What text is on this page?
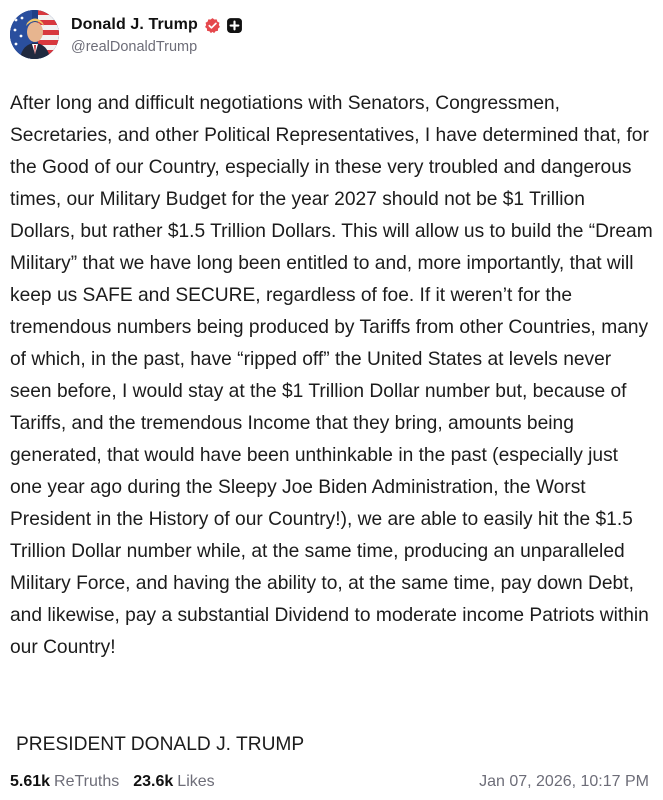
Donald J. Trump
@realDonaldTrump
After long and difficult negotiations with Senators, Congressmen, Secretaries, and other Political Representatives, I have determined that, for the Good of our Country, especially in these very troubled and dangerous times, our Military Budget for the year 2027 should not be $1 Trillion Dollars, but rather $1.5 Trillion Dollars. This will allow us to build the “Dream Military” that we have long been entitled to and, more importantly, that will keep us SAFE and SECURE, regardless of foe. If it weren’t for the tremendous numbers being produced by Tariffs from other Countries, many of which, in the past, have “ripped off” the United States at levels never seen before, I would stay at the $1 Trillion Dollar number but, because of Tariffs, and the tremendous Income that they bring, amounts being generated, that would have been unthinkable in the past (especially just one year ago during the Sleepy Joe Biden Administration, the Worst President in the History of our Country!), we are able to easily hit the $1.5 Trillion Dollar number while, at the same time, producing an unparalleled Military Force, and having the ability to, at the same time, pay down Debt, and likewise, pay a substantial Dividend to moderate income Patriots within our Country!
PRESIDENT DONALD J. TRUMP
5.61k ReTruths 23.6k Likes	Jan 07, 2026, 10:17 PM
